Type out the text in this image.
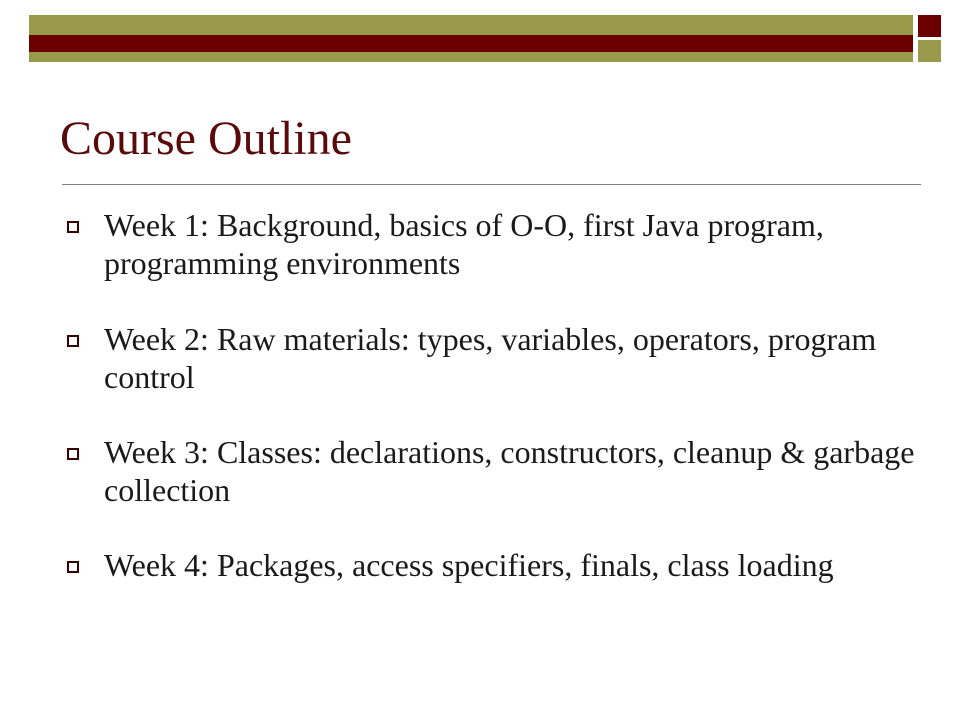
Course Outline
Week 1: Background, basics of O-O, first Java program, programming environments
Week 2: Raw materials: types, variables, operators, program control
Week 3: Classes: declarations, constructors, cleanup & garbage collection
Week 4: Packages, access specifiers, finals, class loading
